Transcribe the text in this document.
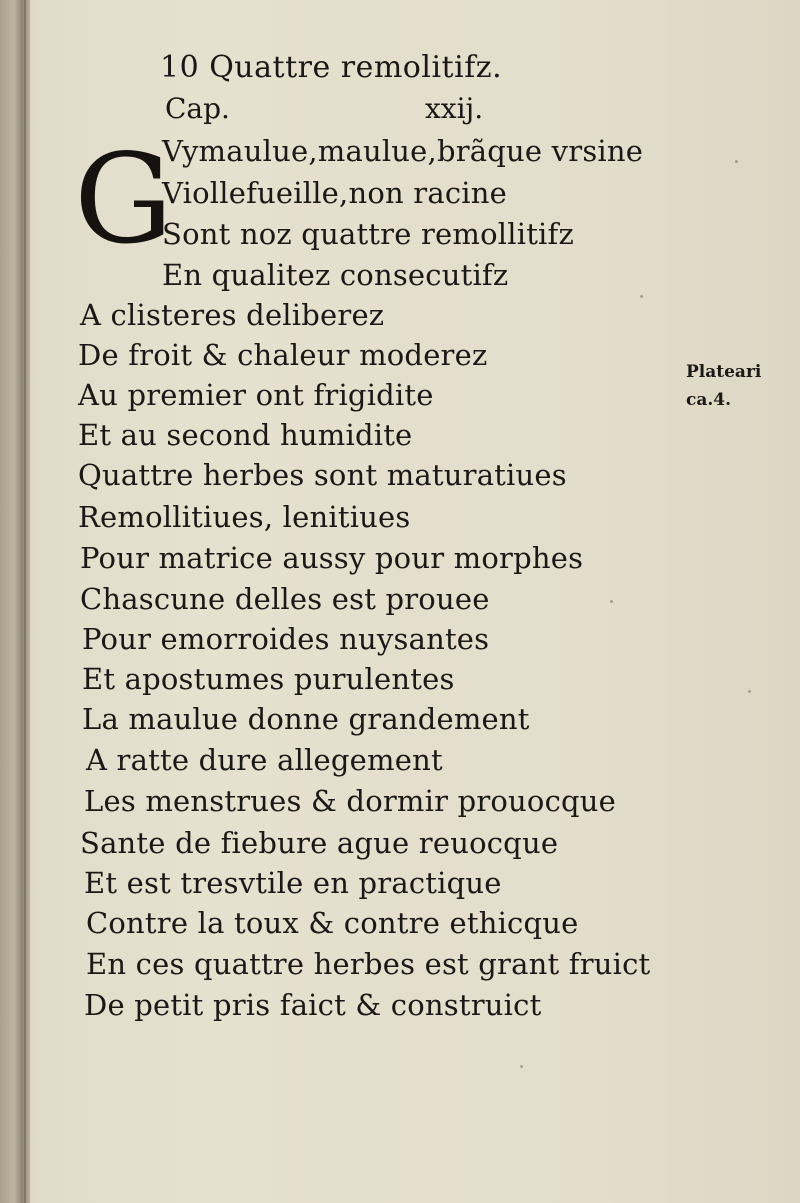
10 Quattre remolitifz.
Cap.	xxij.
G
Vymaulue,maulue,brãque vrsine
Viollefueille,non racine
Sont noz quattre remollitifz
En qualitez consecutifz
A clisteres deliberez
De froit & chaleur moderez
Au premier ont frigidite
Et au second humidite
Quattre herbes sont maturatiues
Remollitiues, lenitiues
Pour matrice aussy pour morphes
Chascune delles est prouee
Pour emorroides nuysantes
Et apostumes purulentes
La maulue donne grandement
A ratte dure allegement
Les menstrues & dormir prouocque
Sante de fiebure ague reuocque
Et est tresvtile en practique
Contre la toux & contre ethicque
En ces quattre herbes est grant fruict
De petit pris faict & construict
Plateari
ca.4.
